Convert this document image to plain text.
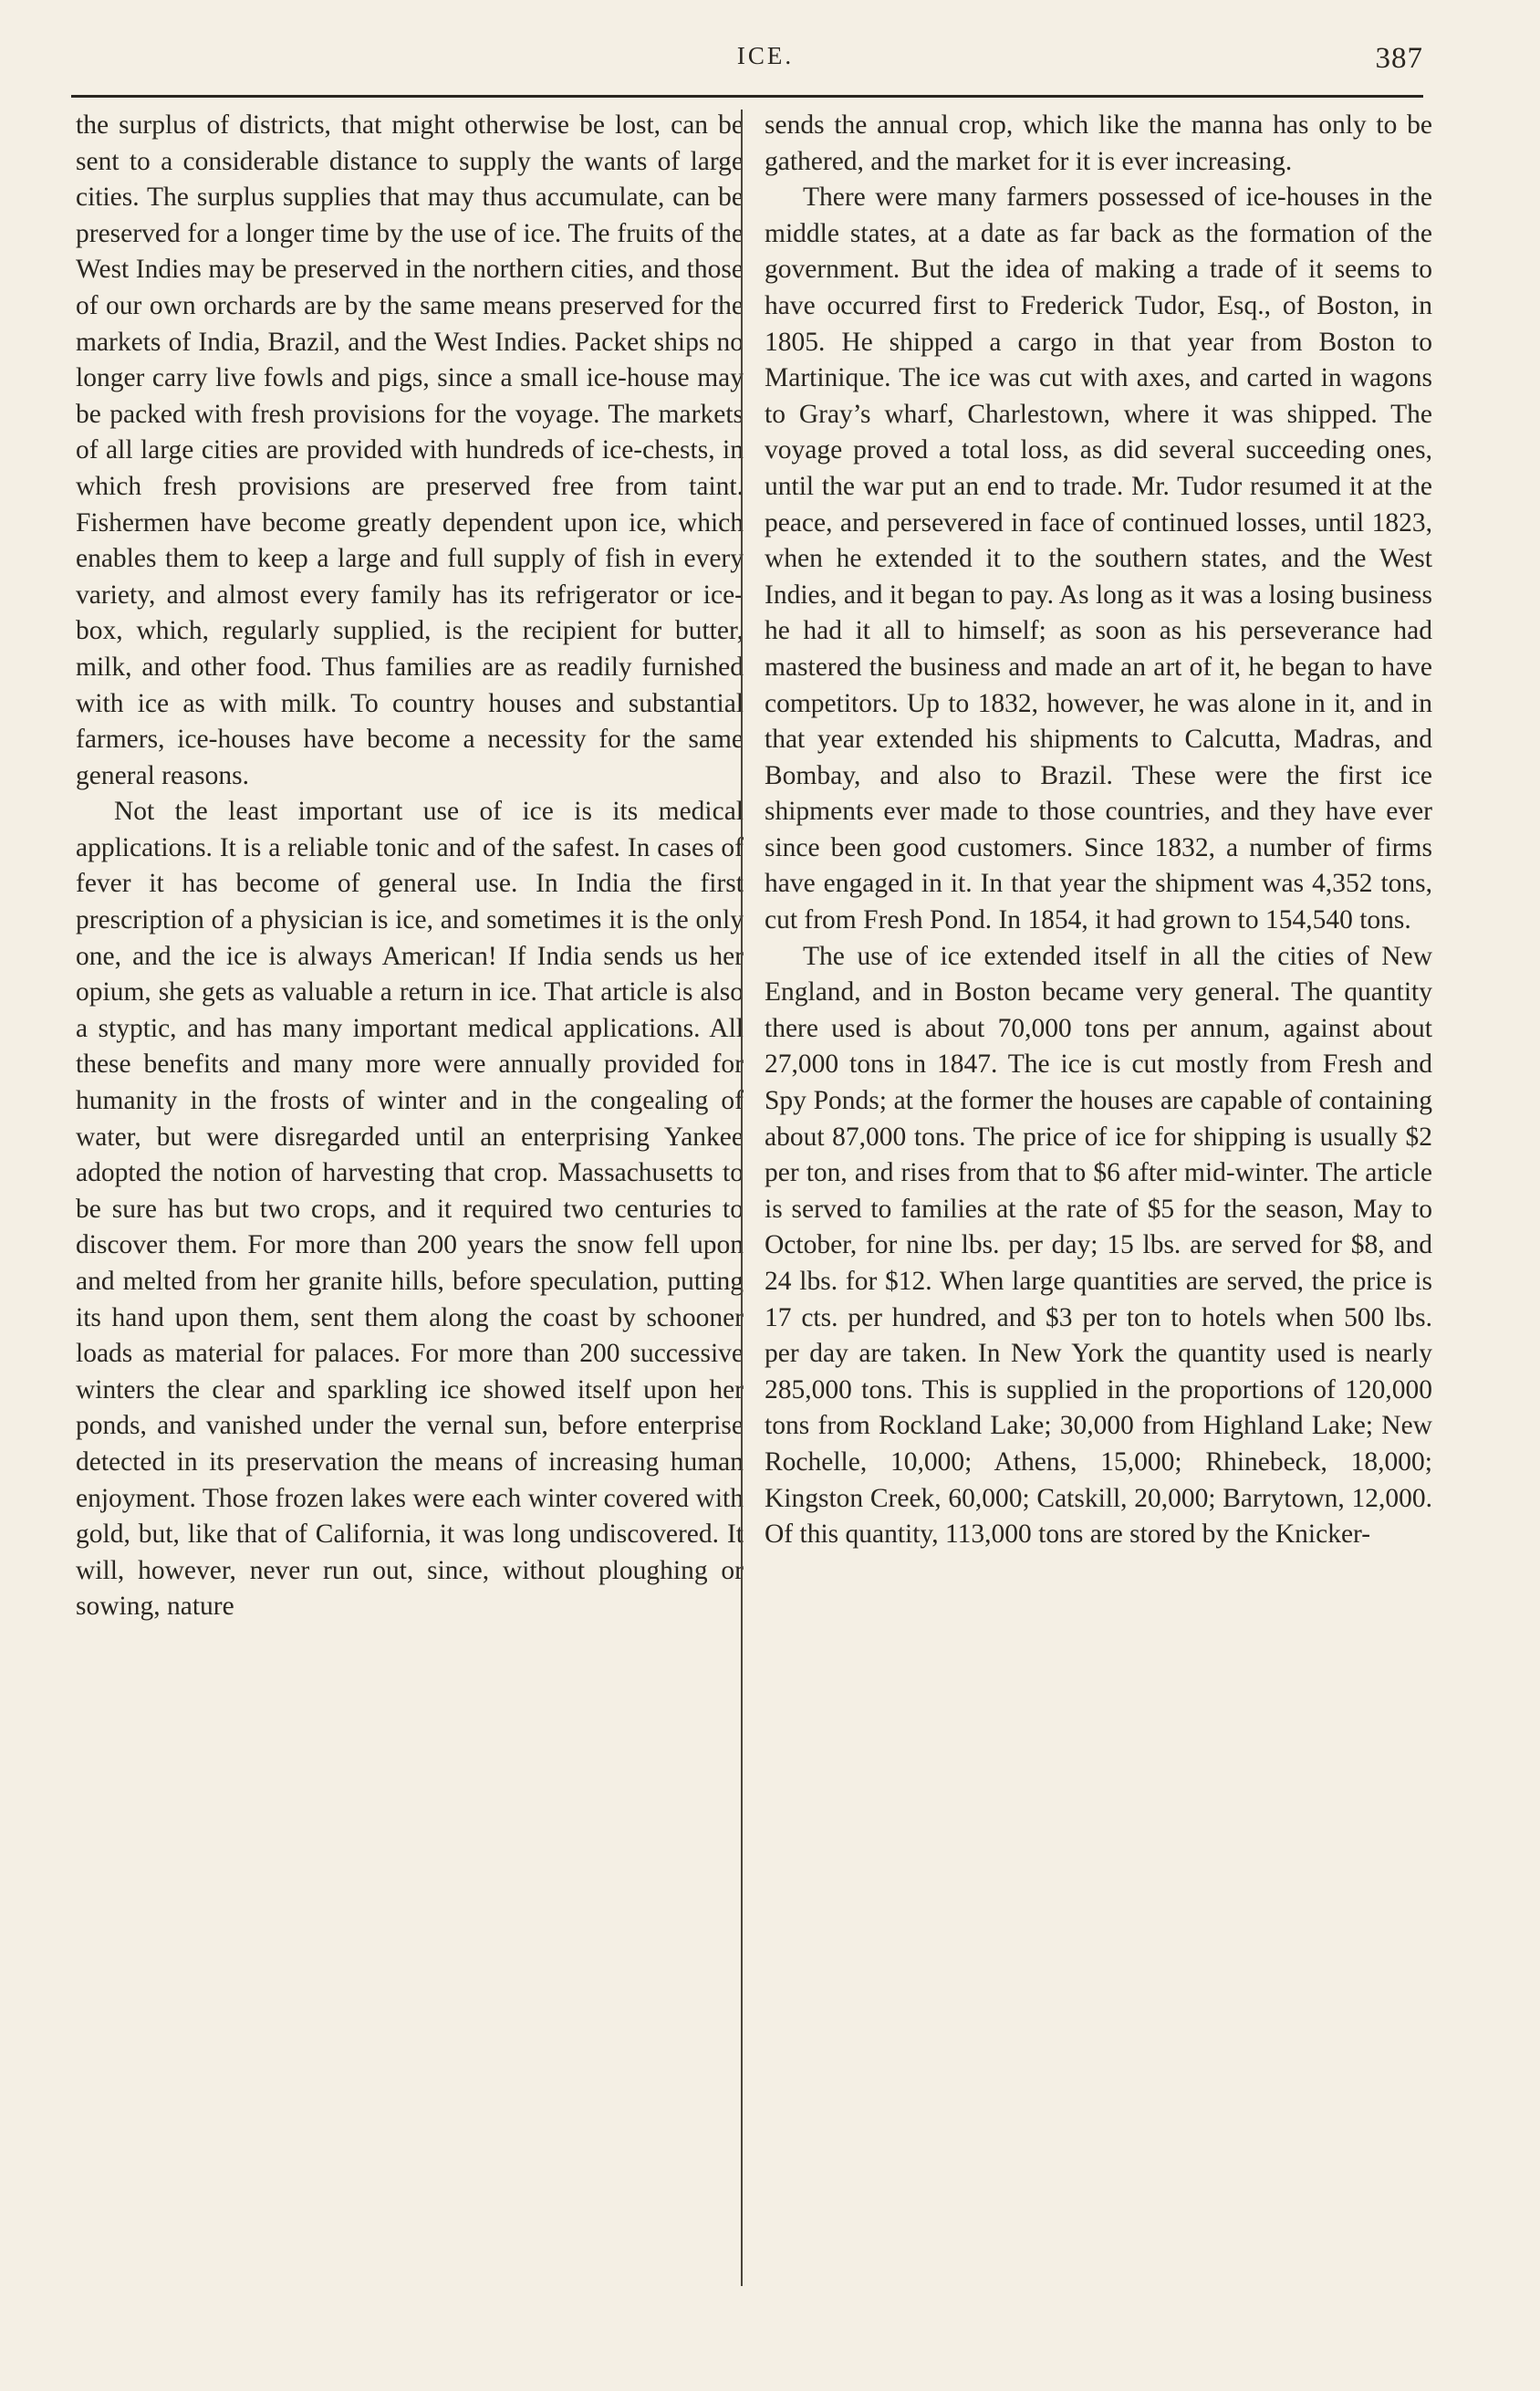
ICE.	387

the surplus of districts, that might otherwise be lost, can be sent to a considerable distance to supply the wants of large cities. The surplus supplies that may thus accumulate, can be preserved for a longer time by the use of ice. The fruits of the West Indies may be preserved in the northern cities, and those of our own orchards are by the same means preserved for the markets of India, Brazil, and the West Indies. Packet ships no longer carry live fowls and pigs, since a small ice-house may be packed with fresh provisions for the voyage. The markets of all large cities are provided with hundreds of ice-chests, in which fresh provisions are preserved free from taint. Fishermen have become greatly dependent upon ice, which enables them to keep a large and full supply of fish in every variety, and almost every family has its refrigerator or ice-box, which, regularly supplied, is the recipient for butter, milk, and other food. Thus families are as readily furnished with ice as with milk. To country houses and substantial farmers, ice-houses have become a necessity for the same general reasons.

Not the least important use of ice is its medical applications. It is a reliable tonic and of the safest. In cases of fever it has become of general use. In India the first prescription of a physician is ice, and sometimes it is the only one, and the ice is always American! If India sends us her opium, she gets as valuable a return in ice. That article is also a styptic, and has many important medical applications. All these benefits and many more were annually provided for humanity in the frosts of winter and in the congealing of water, but were disregarded until an enterprising Yankee adopted the notion of harvesting that crop. Massachusetts to be sure has but two crops, and it required two centuries to discover them. For more than 200 years the snow fell upon and melted from her granite hills, before speculation, putting its hand upon them, sent them along the coast by schooner loads as material for palaces. For more than 200 successive winters the clear and sparkling ice showed itself upon her ponds, and vanished under the vernal sun, before enterprise detected in its preservation the means of increasing human enjoyment. Those frozen lakes were each winter covered with gold, but, like that of California, it was long undiscovered. It will, however, never run out, since, without ploughing or sowing, nature

sends the annual crop, which like the manna has only to be gathered, and the market for it is ever increasing.

There were many farmers possessed of ice-houses in the middle states, at a date as far back as the formation of the government. But the idea of making a trade of it seems to have occurred first to Frederick Tudor, Esq., of Boston, in 1805. He shipped a cargo in that year from Boston to Martinique. The ice was cut with axes, and carted in wagons to Gray’s wharf, Charlestown, where it was shipped. The voyage proved a total loss, as did several succeeding ones, until the war put an end to trade. Mr. Tudor resumed it at the peace, and persevered in face of continued losses, until 1823, when he extended it to the southern states, and the West Indies, and it began to pay. As long as it was a losing business he had it all to himself; as soon as his perseverance had mastered the business and made an art of it, he began to have competitors. Up to 1832, however, he was alone in it, and in that year extended his shipments to Calcutta, Madras, and Bombay, and also to Brazil. These were the first ice shipments ever made to those countries, and they have ever since been good customers. Since 1832, a number of firms have engaged in it. In that year the shipment was 4,352 tons, cut from Fresh Pond. In 1854, it had grown to 154,540 tons.

The use of ice extended itself in all the cities of New England, and in Boston became very general. The quantity there used is about 70,000 tons per annum, against about 27,000 tons in 1847. The ice is cut mostly from Fresh and Spy Ponds; at the former the houses are capable of containing about 87,000 tons. The price of ice for shipping is usually $2 per ton, and rises from that to $6 after mid-winter. The article is served to families at the rate of $5 for the season, May to October, for nine lbs. per day; 15 lbs. are served for $8, and 24 lbs. for $12. When large quantities are served, the price is 17 cts. per hundred, and $3 per ton to hotels when 500 lbs. per day are taken. In New York the quantity used is nearly 285,000 tons. This is supplied in the proportions of 120,000 tons from Rockland Lake; 30,000 from Highland Lake; New Rochelle, 10,000; Athens, 15,000; Rhinebeck, 18,000; Kingston Creek, 60,000; Catskill, 20,000; Barrytown, 12,000. Of this quantity, 113,000 tons are stored by the Knicker-
